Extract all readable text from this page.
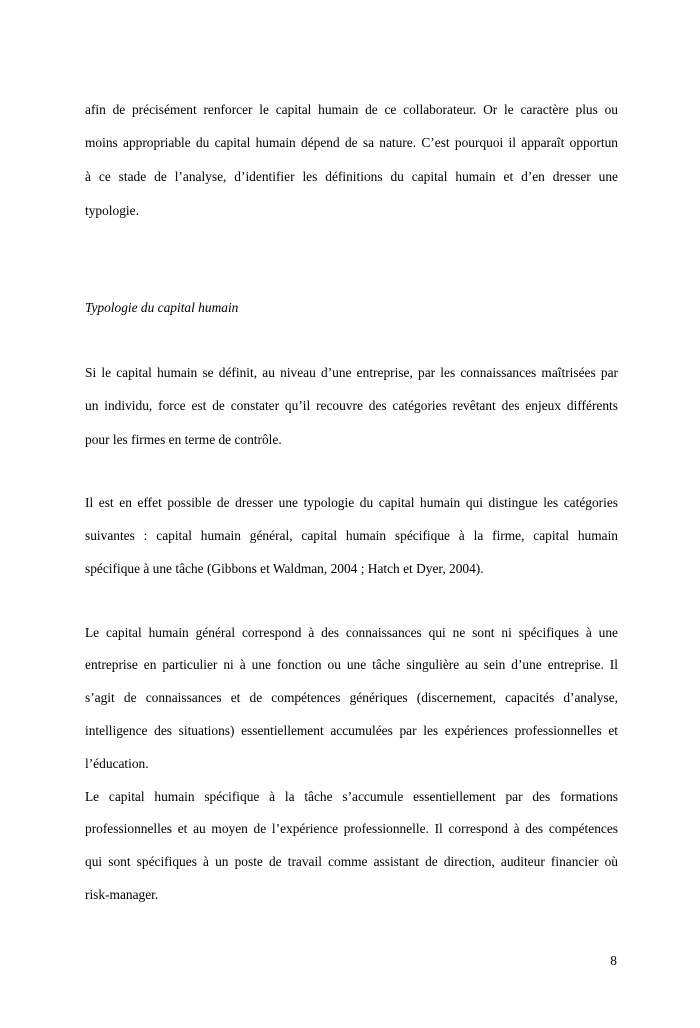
afin de précisément renforcer le capital humain de ce collaborateur. Or le caractère plus ou
moins appropriable du capital humain dépend de sa nature. C’est pourquoi il apparaît opportun
à ce stade de l’analyse, d’identifier les définitions du capital humain et d’en dresser une
typologie.
Typologie du capital humain
Si le capital humain se définit, au niveau d’une entreprise, par les connaissances maîtrisées par
un individu, force est de constater qu’il recouvre des catégories revêtant des enjeux différents
pour les firmes en terme de contrôle.
Il est en effet possible de dresser une typologie du capital humain qui distingue les catégories
suivantes : capital humain général, capital humain spécifique à la firme, capital humain
spécifique à une tâche (Gibbons et Waldman, 2004 ; Hatch et Dyer, 2004).
Le capital humain général correspond à des connaissances qui ne sont ni spécifiques à une
entreprise en particulier ni à une fonction ou une tâche singulière au sein d’une entreprise. Il
s’agit de connaissances et de compétences génériques (discernement, capacités d’analyse,
intelligence des situations) essentiellement accumulées par les expériences professionnelles et
l’éducation.
Le capital humain spécifique à la tâche s’accumule essentiellement par des formations
professionnelles et au moyen de l’expérience professionnelle. Il correspond à des compétences
qui sont spécifiques à un poste de travail comme assistant de direction, auditeur financier où
risk-manager.
8
